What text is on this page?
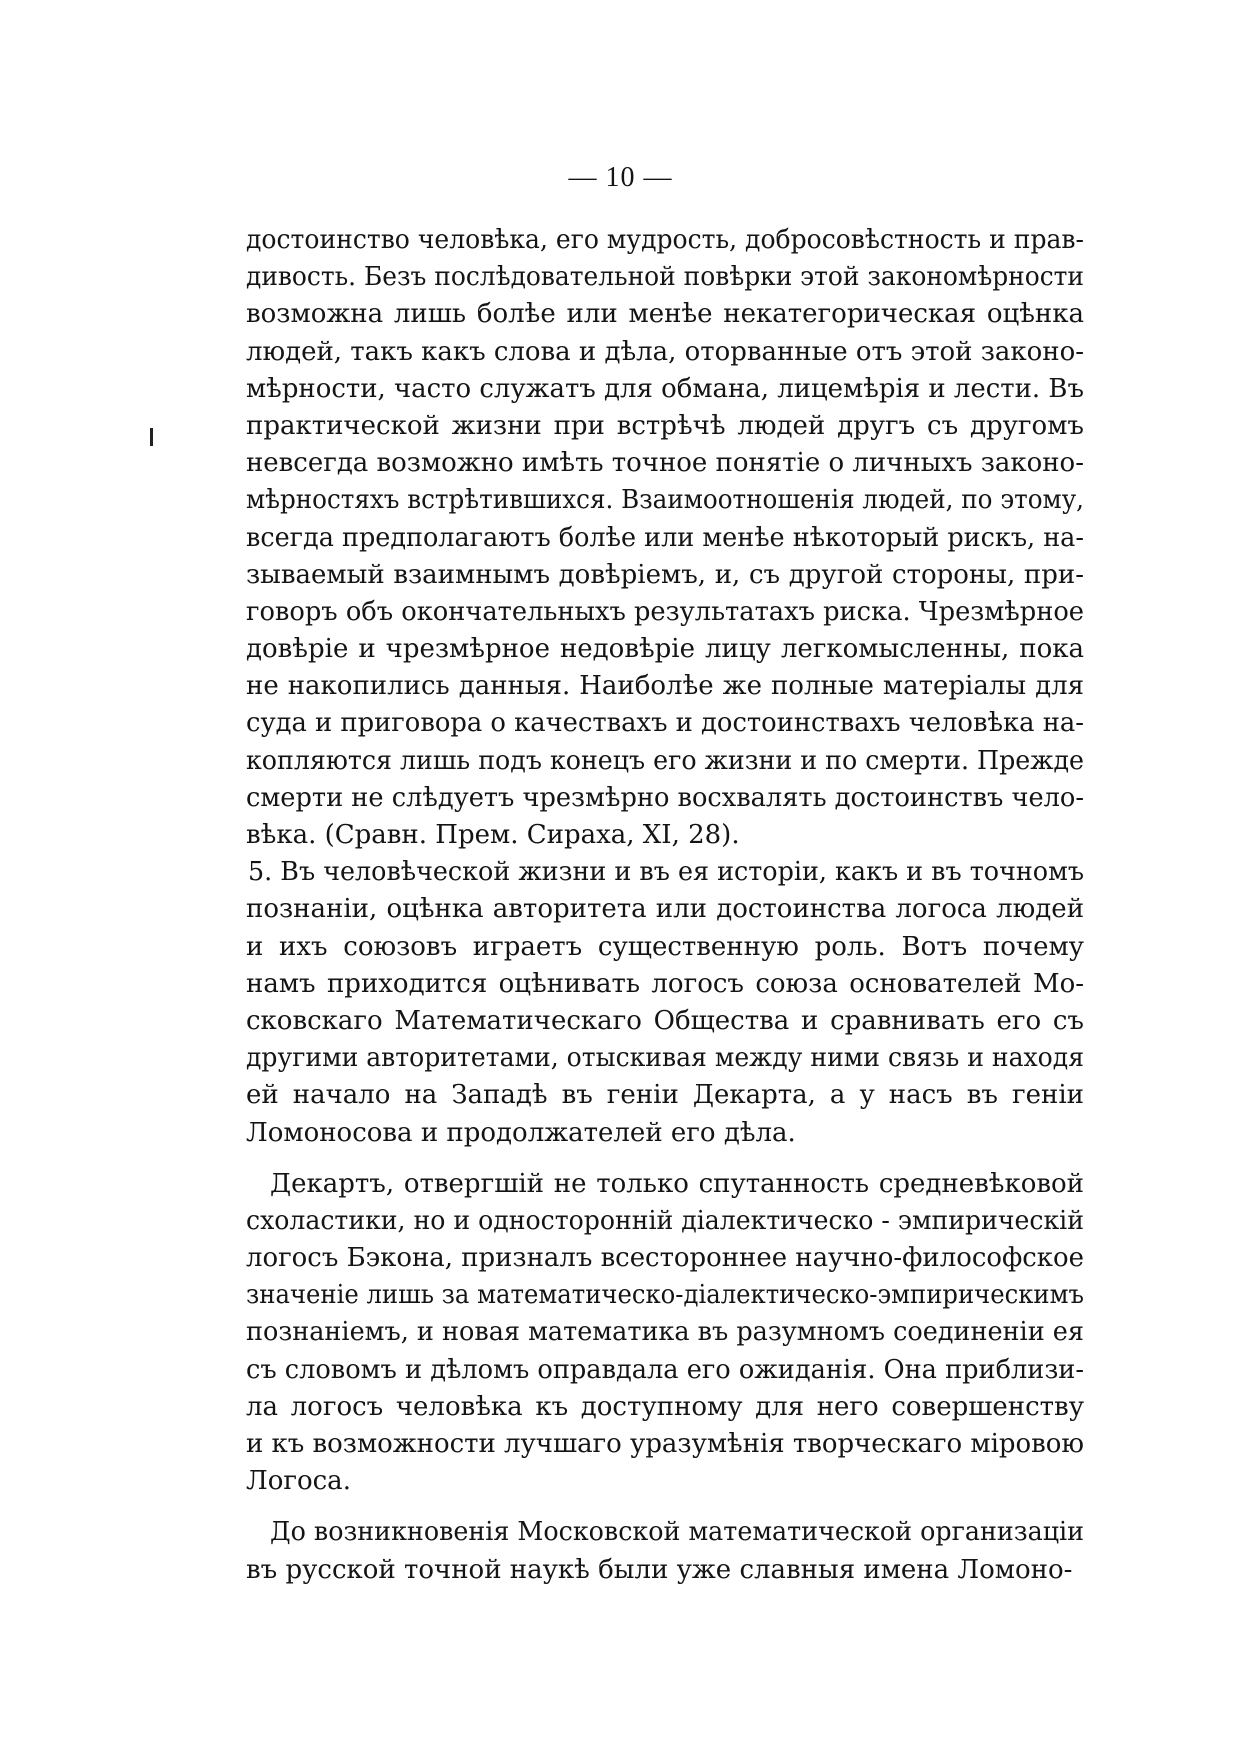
— 10 —
достоинство человѣка, его мудрость, добросовѣстность и прав-
дивость. Безъ послѣдовательной повѣрки этой закономѣрности
возможна лишь болѣе или менѣе некатегорическая оцѣнка
людей, такъ какъ слова и дѣла, оторванные отъ этой законо-
мѣрности, часто служатъ для обмана, лицемѣрія и лести. Въ
практической жизни при встрѣчѣ людей другъ съ другомъ
невсегда возможно имѣть точное понятіе о личныхъ законо-
мѣрностяхъ встрѣтившихся. Взаимоотношенія людей, по этому,
всегда предполагаютъ болѣе или менѣе нѣкоторый рискъ, на-
зываемый взаимнымъ довѣріемъ, и, съ другой стороны, при-
говоръ объ окончательныхъ результатахъ риска. Чрезмѣрное
довѣріе и чрезмѣрное недовѣріе лицу легкомысленны, пока
не накопились данныя. Наиболѣе же полные матеріалы для
суда и приговора о качествахъ и достоинствахъ человѣка на-
копляются лишь подъ конецъ его жизни и по смерти. Прежде
смерти не слѣдуетъ чрезмѣрно восхвалять достоинствъ чело-
вѣка. (Сравн. Прем. Сираха, XI, 28).
5. Въ человѣческой жизни и въ ея исторіи, какъ и въ точномъ
познаніи, оцѣнка авторитета или достоинства логоса людей
и ихъ союзовъ играетъ существенную роль. Вотъ почему
намъ приходится оцѣнивать логосъ союза основателей Мо-
сковскаго Математическаго Общества и сравнивать его съ
другими авторитетами, отыскивая между ними связь и находя
ей начало на Западѣ въ геніи Декарта, а у насъ въ геніи
Ломоносова и продолжателей его дѣла.
Декартъ, отвергшій не только спутанность средневѣковой
схоластики, но и односторонній діалектическо - эмпирическій
логосъ Бэкона, призналъ всестороннее научно-философское
значеніе лишь за математическо-діалектическо-эмпирическимъ
познаніемъ, и новая математика въ разумномъ соединеніи ея
съ словомъ и дѣломъ оправдала его ожиданія. Она приблизи-
ла логосъ человѣка къ доступному для него совершенству
и къ возможности лучшаго уразумѣнія творческаго міровою
Логоса.
До возникновенія Московской математической организаціи
въ русской точной наукѣ были уже славныя имена Ломоно-
